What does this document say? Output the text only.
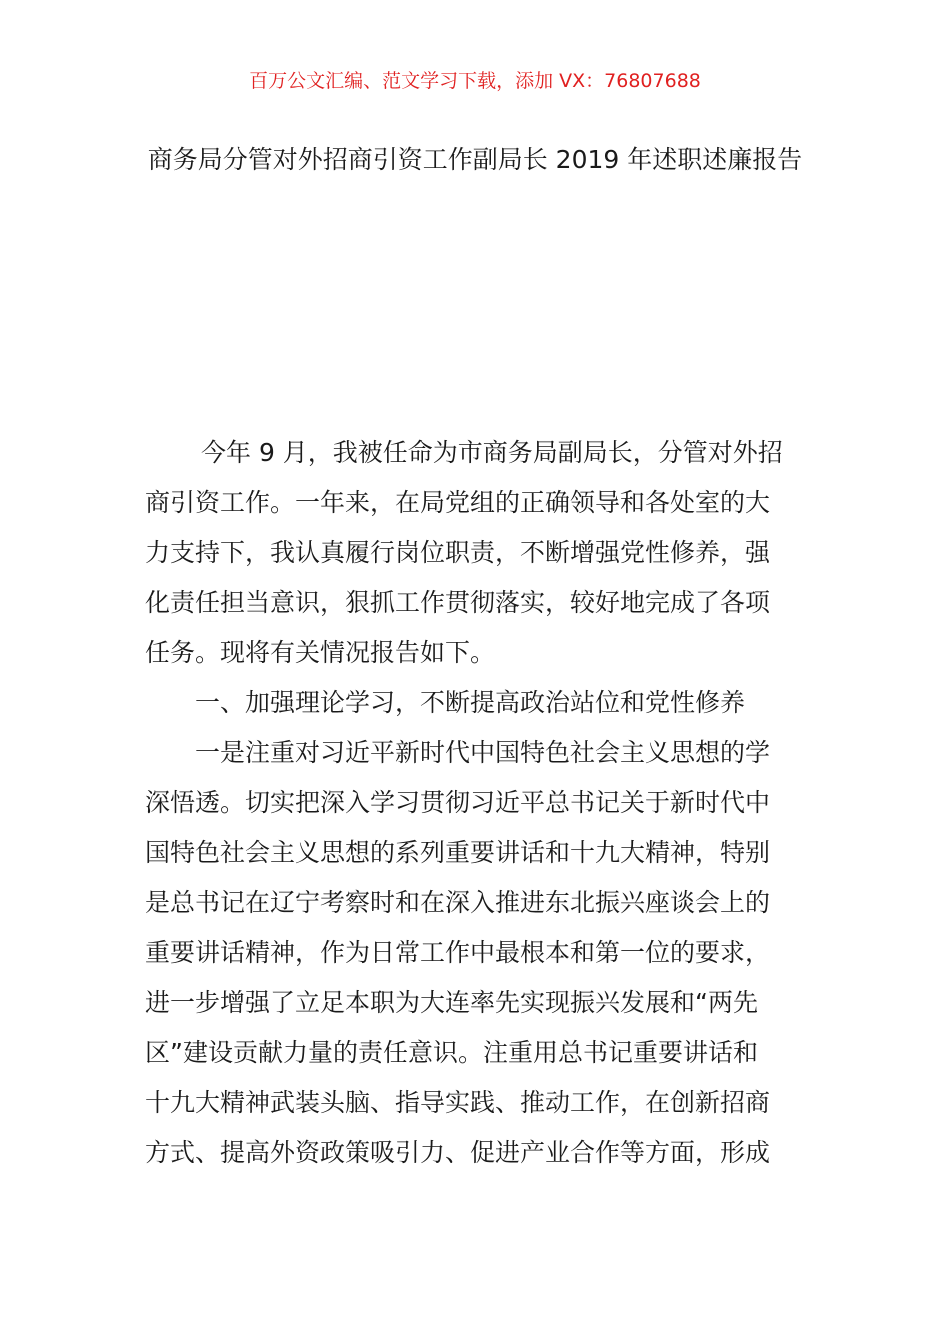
百万公文汇编、范文学习下载，添加 VX：76807688
商务局分管对外招商引资工作副局长 2019 年述职述廉报告
今年 9 月，我被任命为市商务局副局长，分管对外招
商引资工作。一年来，在局党组的正确领导和各处室的大
力支持下，我认真履行岗位职责，不断增强党性修养，强
化责任担当意识，狠抓工作贯彻落实，较好地完成了各项
任务。现将有关情况报告如下。
一、加强理论学习，不断提高政治站位和党性修养
一是注重对习近平新时代中国特色社会主义思想的学
深悟透。切实把深入学习贯彻习近平总书记关于新时代中
国特色社会主义思想的系列重要讲话和十九大精神，特别
是总书记在辽宁考察时和在深入推进东北振兴座谈会上的
重要讲话精神，作为日常工作中最根本和第一位的要求，
进一步增强了立足本职为大连率先实现振兴发展和“两先
区”建设贡献力量的责任意识。注重用总书记重要讲话和
十九大精神武装头脑、指导实践、推动工作，在创新招商
方式、提高外资政策吸引力、促进产业合作等方面，形成
